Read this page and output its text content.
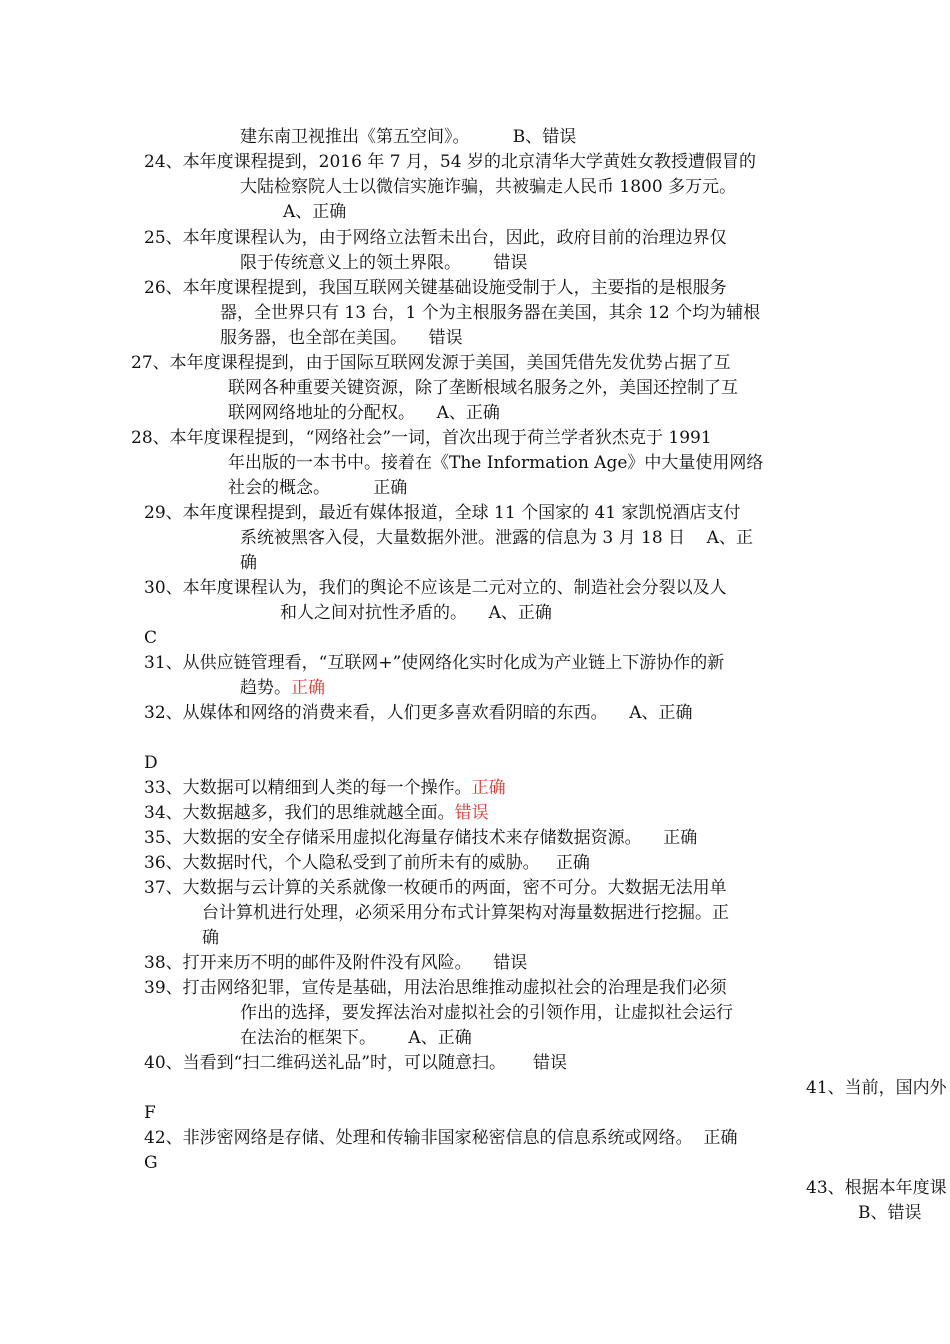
建东南卫视推出《第五空间》。        B、错误
24、本年度课程提到，2016 年 7 月，54 岁的北京清华大学黄姓女教授遭假冒的
大陆检察院人士以微信实施诈骗，共被骗走人民币 1800 多万元。
A、正确
25、本年度课程认为，由于网络立法暂未出台，因此，政府目前的治理边界仅
限于传统意义上的领土界限。      错误
26、本年度课程提到，我国互联网关键基础设施受制于人，主要指的是根服务
器，全世界只有 13 台，1 个为主根服务器在美国，其余 12 个均为辅根
服务器，也全部在美国。    错误
27、本年度课程提到，由于国际互联网发源于美国，美国凭借先发优势占据了互
联网各种重要关键资源，除了垄断根域名服务之外，美国还控制了互
联网网络地址的分配权。    A、正确
28、本年度课程提到，“网络社会”一词，首次出现于荷兰学者狄杰克于 1991
年出版的一本书中。接着在《The Information Age》中大量使用网络
社会的概念。        正确
29、本年度课程提到，最近有媒体报道，全球 11 个国家的 41 家凯悦酒店支付
系统被黑客入侵，大量数据外泄。泄露的信息为 3 月 18 日    A、正
确
30、本年度课程认为，我们的舆论不应该是二元对立的、制造社会分裂以及人
和人之间对抗性矛盾的。    A、正确
C
31、从供应链管理看，“互联网+”使网络化实时化成为产业链上下游协作的新
趋势。正确
32、从媒体和网络的消费来看，人们更多喜欢看阴暗的东西。    A、正确
D
33、大数据可以精细到人类的每一个操作。正确
34、大数据越多，我们的思维就越全面。错误
35、大数据的安全存储采用虚拟化海量存储技术来存储数据资源。    正确
36、大数据时代，个人隐私受到了前所未有的威胁。   正确
37、大数据与云计算的关系就像一枚硬币的两面，密不可分。大数据无法用单
台计算机进行处理，必须采用分布式计算架构对海量数据进行挖掘。正
确
38、打开来历不明的邮件及附件没有风险。    错误
39、打击网络犯罪，宣传是基础，用法治思维推动虚拟社会的治理是我们必须
作出的选择，要发挥法治对虚拟社会的引领作用，让虚拟社会运行
在法治的框架下。      A、正确
40、当看到“扫二维码送礼品”时，可以随意扫。     错误
41、当前，国内外
F
42、非涉密网络是存储、处理和传输非国家秘密信息的信息系统或网络。  正确
G
43、根据本年度课
B、错误
